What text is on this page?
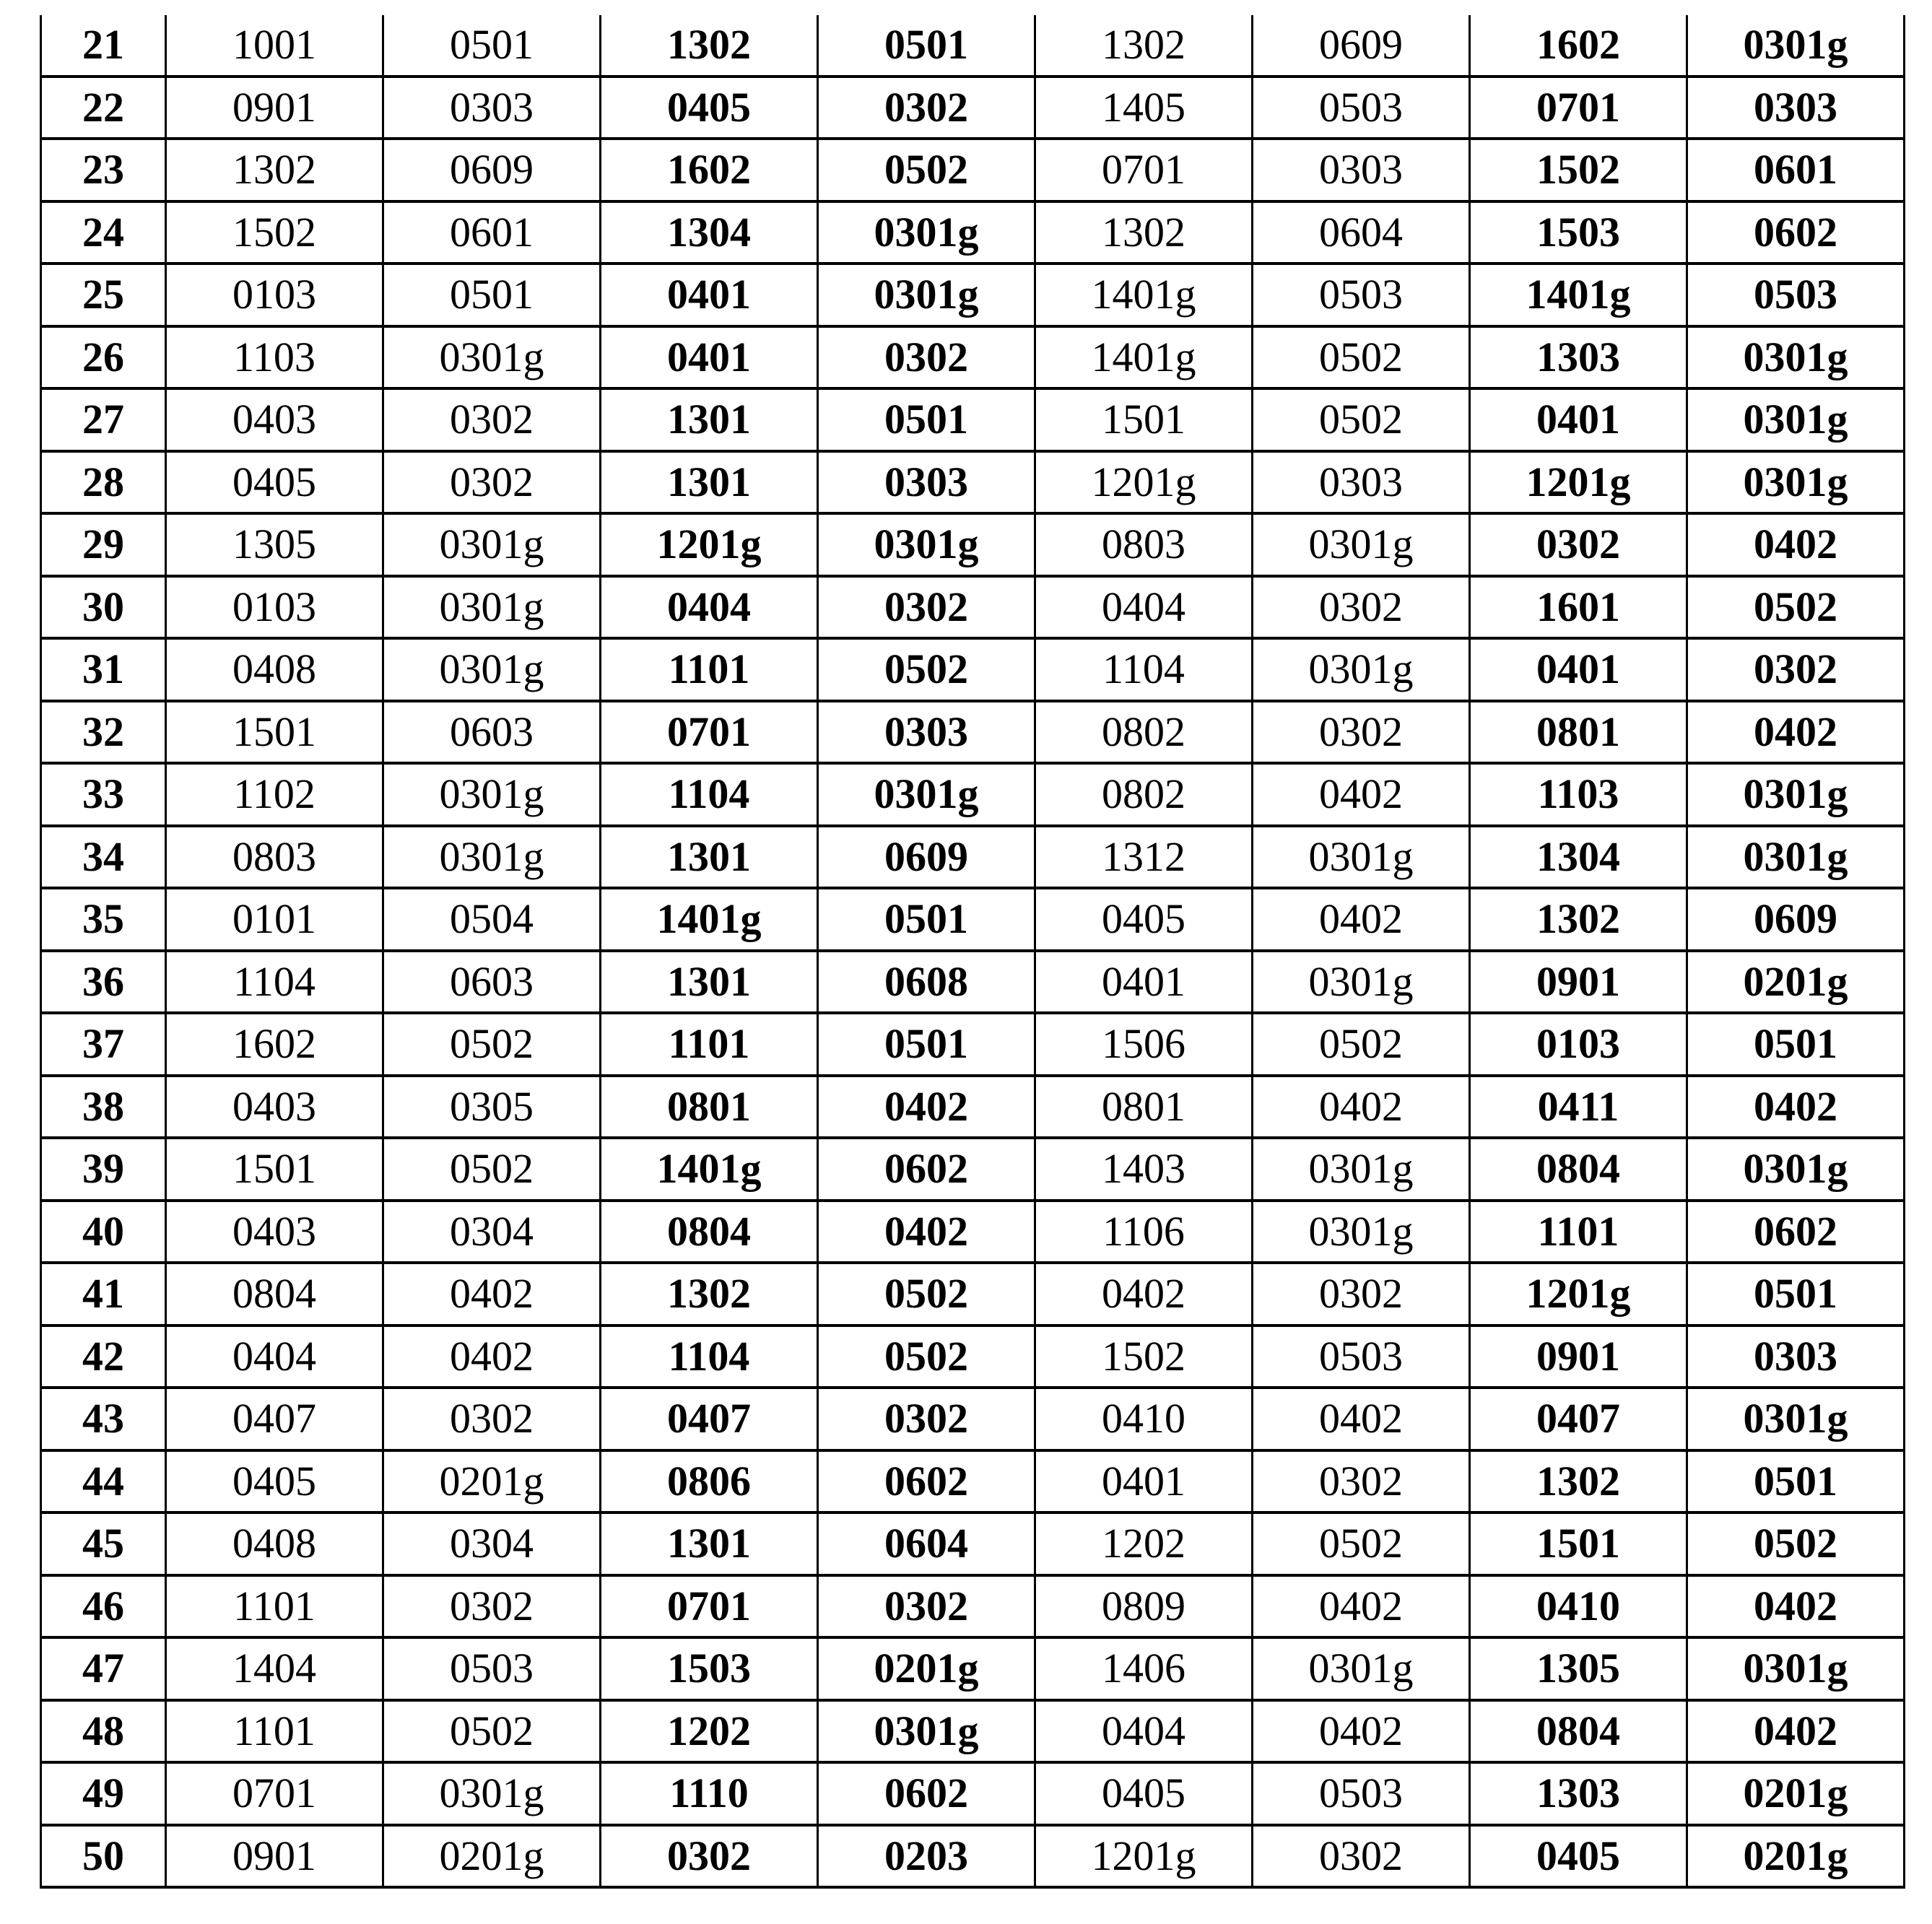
21	1001	0501	1302	0501	1302	0609	1602	0301g
22	0901	0303	0405	0302	1405	0503	0701	0303
23	1302	0609	1602	0502	0701	0303	1502	0601
24	1502	0601	1304	0301g	1302	0604	1503	0602
25	0103	0501	0401	0301g	1401g	0503	1401g	0503
26	1103	0301g	0401	0302	1401g	0502	1303	0301g
27	0403	0302	1301	0501	1501	0502	0401	0301g
28	0405	0302	1301	0303	1201g	0303	1201g	0301g
29	1305	0301g	1201g	0301g	0803	0301g	0302	0402
30	0103	0301g	0404	0302	0404	0302	1601	0502
31	0408	0301g	1101	0502	1104	0301g	0401	0302
32	1501	0603	0701	0303	0802	0302	0801	0402
33	1102	0301g	1104	0301g	0802	0402	1103	0301g
34	0803	0301g	1301	0609	1312	0301g	1304	0301g
35	0101	0504	1401g	0501	0405	0402	1302	0609
36	1104	0603	1301	0608	0401	0301g	0901	0201g
37	1602	0502	1101	0501	1506	0502	0103	0501
38	0403	0305	0801	0402	0801	0402	0411	0402
39	1501	0502	1401g	0602	1403	0301g	0804	0301g
40	0403	0304	0804	0402	1106	0301g	1101	0602
41	0804	0402	1302	0502	0402	0302	1201g	0501
42	0404	0402	1104	0502	1502	0503	0901	0303
43	0407	0302	0407	0302	0410	0402	0407	0301g
44	0405	0201g	0806	0602	0401	0302	1302	0501
45	0408	0304	1301	0604	1202	0502	1501	0502
46	1101	0302	0701	0302	0809	0402	0410	0402
47	1404	0503	1503	0201g	1406	0301g	1305	0301g
48	1101	0502	1202	0301g	0404	0402	0804	0402
49	0701	0301g	1110	0602	0405	0503	1303	0201g
50	0901	0201g	0302	0203	1201g	0302	0405	0201g
